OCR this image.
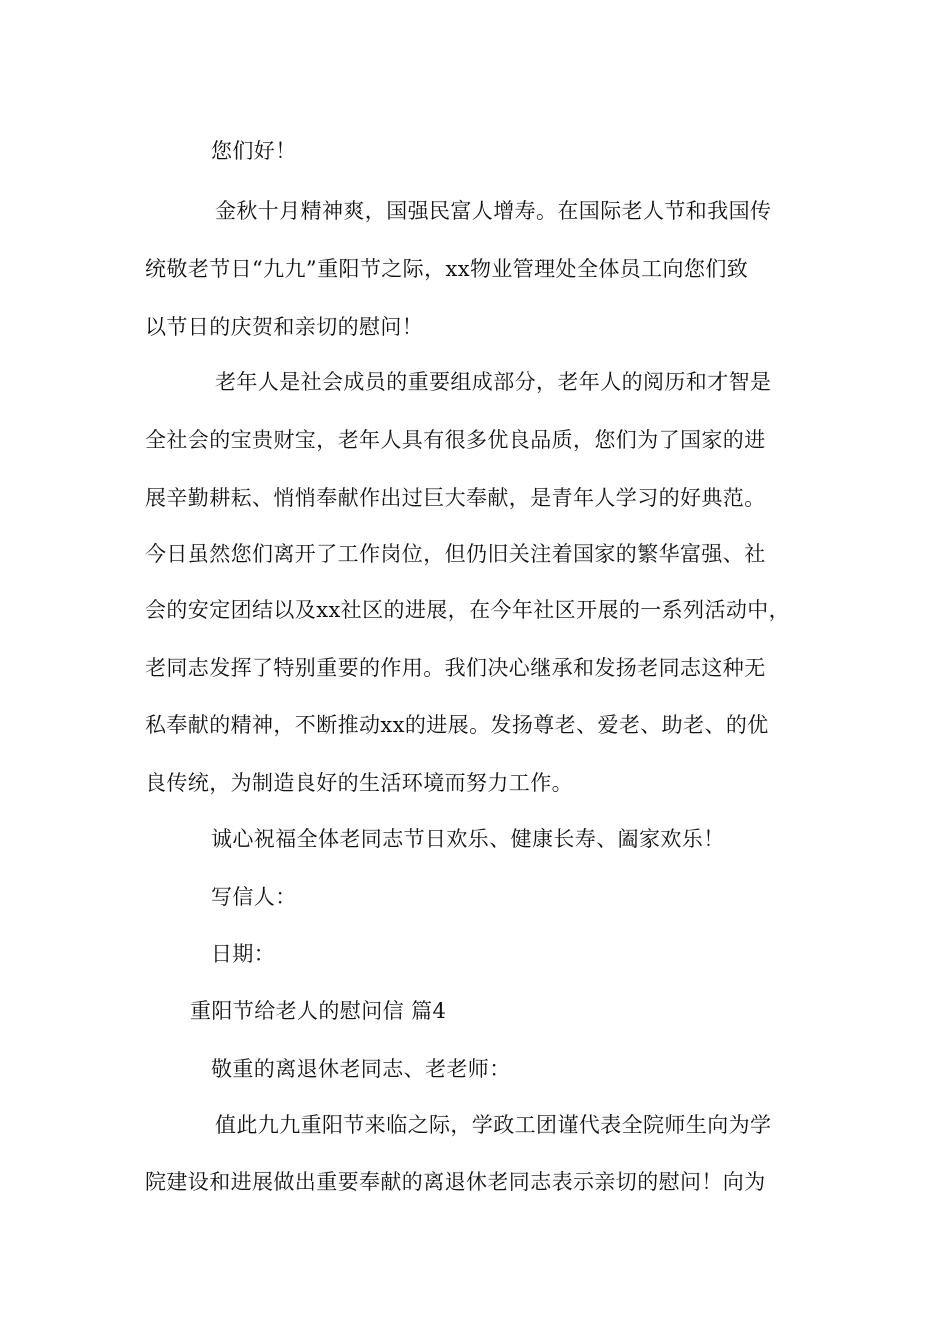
您们好！
金秋十月精神爽，国强民富人增寿。在国际老人节和我国传
统敬老节日“九九”重阳节之际，xx物业管理处全体员工向您们致
以节日的庆贺和亲切的慰问！
老年人是社会成员的重要组成部分，老年人的阅历和才智是
全社会的宝贵财宝，老年人具有很多优良品质，您们为了国家的进
展辛勤耕耘、悄悄奉献作出过巨大奉献，是青年人学习的好典范。
今日虽然您们离开了工作岗位，但仍旧关注着国家的繁华富强、社
会的安定团结以及xx社区的进展，在今年社区开展的一系列活动中，
老同志发挥了特别重要的作用。我们决心继承和发扬老同志这种无
私奉献的精神，不断推动xx的进展。发扬尊老、爱老、助老、的优
良传统，为制造良好的生活环境而努力工作。
诚心祝福全体老同志节日欢乐、健康长寿、阖家欢乐！
写信人：
日期：
重阳节给老人的慰问信 篇4
敬重的离退休老同志、老老师：
值此九九重阳节来临之际，学政工团谨代表全院师生向为学
院建设和进展做出重要奉献的离退休老同志表示亲切的慰问！向为
